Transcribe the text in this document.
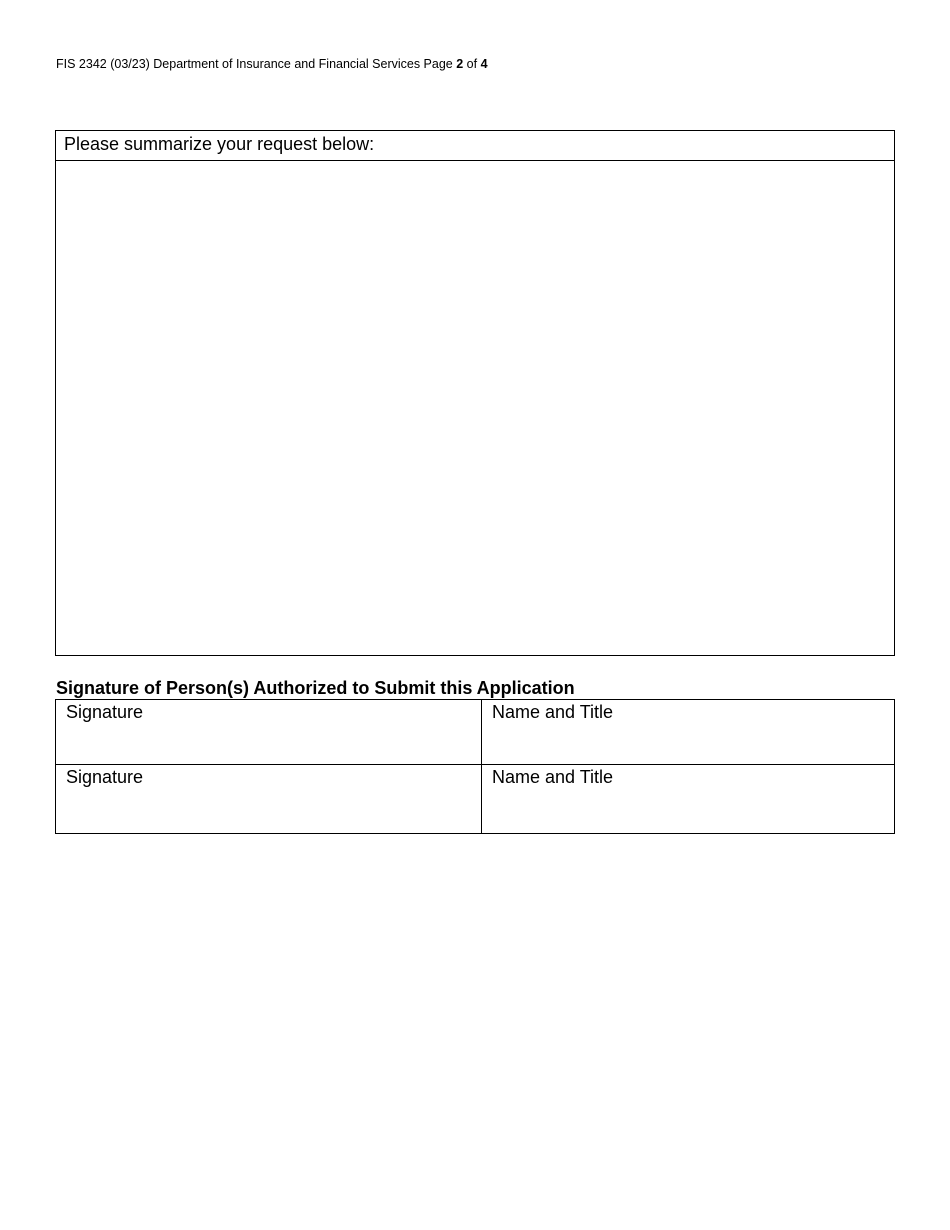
FIS 2342 (03/23) Department of Insurance and Financial Services Page 2 of 4
Please summarize your request below:
Signature of Person(s) Authorized to Submit this Application
Signature	Name and Title
Signature	Name and Title
